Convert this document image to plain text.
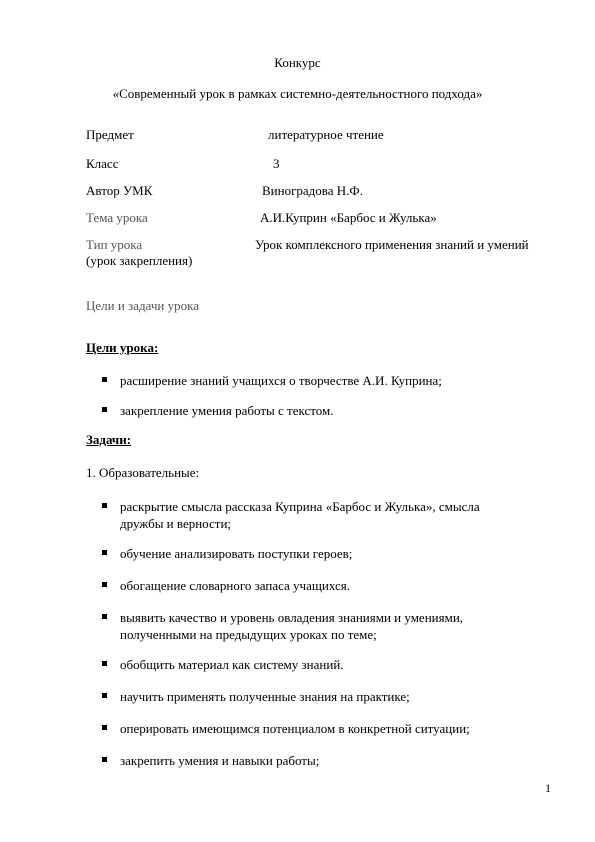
Конкурс
«Современный урок в рамках системно-деятельностного подхода»
Предмет	литературное чтение
Класс	3
Автор УМК	Виноградова Н.Ф.
Тема урока	А.И.Куприн «Барбос и Жулька»
Тип урока	Урок комплексного применения знаний и умений
(урок закрепления)
Цели и задачи урока
Цели урока:
расширение знаний учащихся о творчестве А.И. Куприна;
закрепление умения работы с текстом.
Задачи:
1. Образовательные:
раскрытие смысла рассказа Куприна «Барбос и Жулька», смысла
дружбы и верности;
обучение анализировать поступки героев;
обогащение словарного запаса учащихся.
выявить качество и уровень овладения знаниями и умениями,
полученными на предыдущих уроках по теме;
обобщить материал как систему знаний.
научить применять полученные знания на практике;
оперировать имеющимся потенциалом в конкретной ситуации;
закрепить умения и навыки работы;
1
